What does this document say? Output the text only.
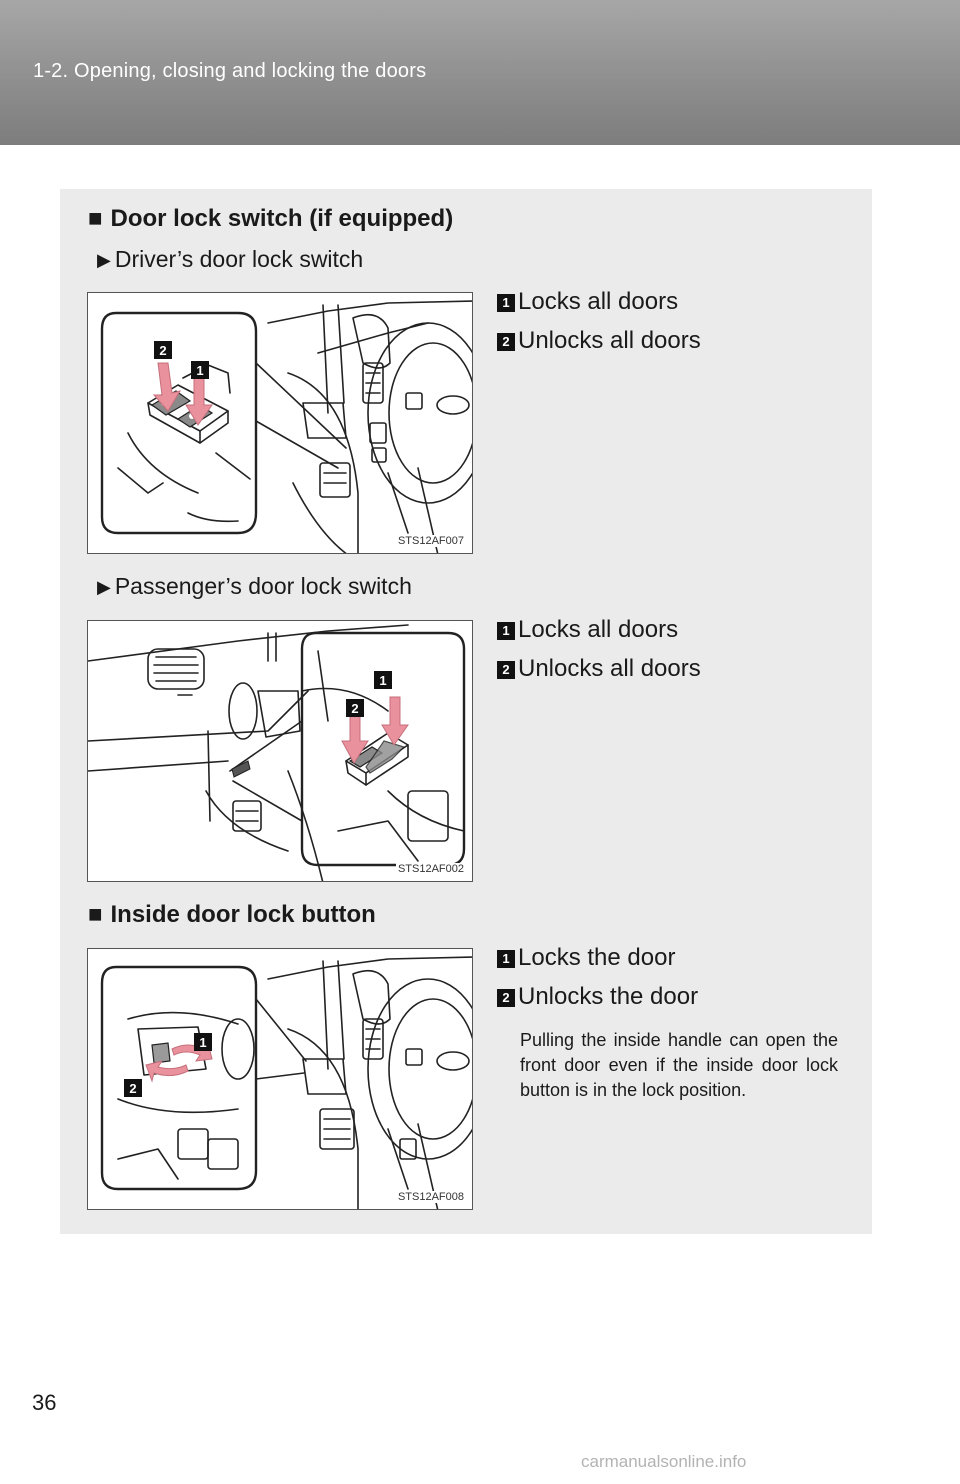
1-2. Opening, closing and locking the doors
■ Door lock switch (if equipped)
▶ Driver’s door lock switch
2
1
STS12AF007
1 Locks all doors
2 Unlocks all doors
▶ Passenger’s door lock switch
2
1
STS12AF002
1 Locks all doors
2 Unlocks all doors
■ Inside door lock button
1
2
STS12AF008
1 Locks the door
2 Unlocks the door
Pulling the inside handle can open the front door even if the inside door lock button is in the lock position.
36
carmanualsonline.info
